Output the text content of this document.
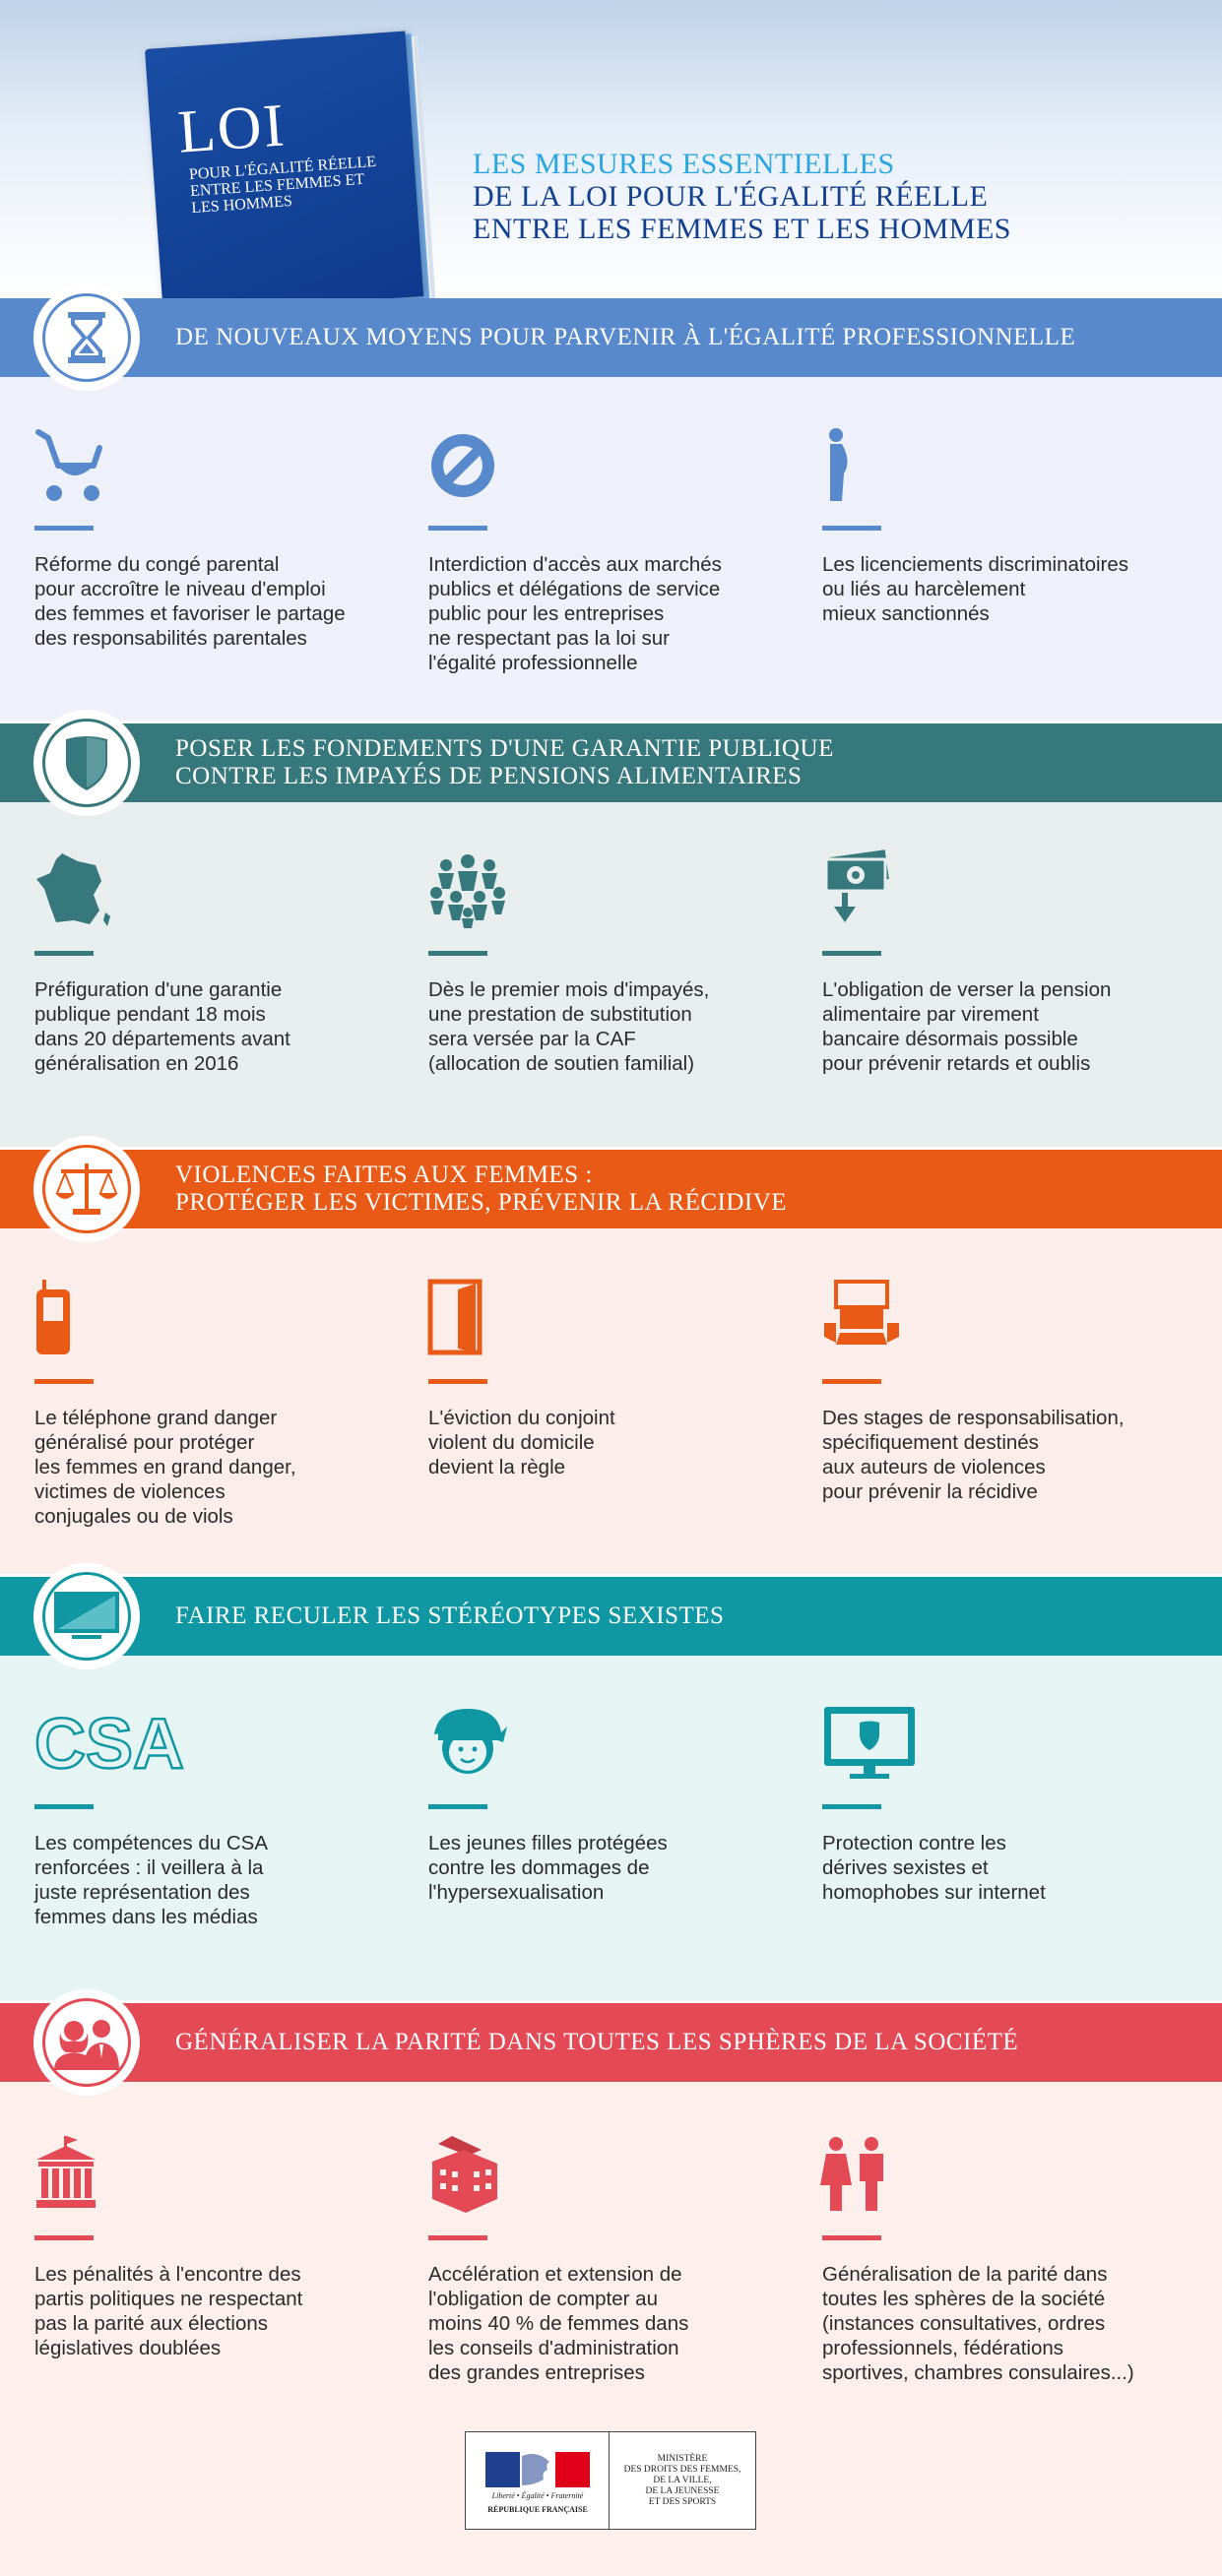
LOI
POUR L'ÉGALITÉ RÉELLE ENTRE LES FEMMES ET LES HOMMES
LES MESURES ESSENTIELLES
DE LA LOI POUR L'ÉGALITÉ RÉELLE
ENTRE LES FEMMES ET LES HOMMES
Réforme du congé parental
pour accroître le niveau d'emploi
des femmes et favoriser le partage
des responsabilités parentales
Interdiction d'accès aux marchés
publics et délégations de service
public pour les entreprises
ne respectant pas la loi sur
l'égalité professionnelle
Les licenciements discriminatoires
ou liés au harcèlement
mieux sanctionnés
DE NOUVEAUX MOYENS POUR PARVENIR À L'ÉGALITÉ PROFESSIONNELLE
Préfiguration d'une garantie
publique pendant 18 mois
dans 20 départements avant
généralisation en 2016
Dès le premier mois d'impayés,
une prestation de substitution
sera versée par la CAF
(allocation de soutien familial)
L'obligation de verser la pension
alimentaire par virement
bancaire désormais possible
pour prévenir retards et oublis
POSER LES FONDEMENTS D'UNE GARANTIE PUBLIQUE
CONTRE LES IMPAYÉS DE PENSIONS ALIMENTAIRES
Le téléphone grand danger
généralisé pour protéger
les femmes en grand danger,
victimes de violences
conjugales ou de viols
L'éviction du conjoint
violent du domicile
devient la règle
Des stages de responsabilisation,
spécifiquement destinés
aux auteurs de violences
pour prévenir la récidive
VIOLENCES FAITES AUX FEMMES :
PROTÉGER LES VICTIMES, PRÉVENIR LA RÉCIDIVE
CSA
Les compétences du CSA
renforcées : il veillera à la
juste représentation des
femmes dans les médias
Les jeunes filles protégées
contre les dommages de
l'hypersexualisation
Protection contre les
dérives sexistes et
homophobes sur internet
FAIRE RECULER LES STÉRÉOTYPES SEXISTES
Les pénalités à l'encontre des
partis politiques ne respectant
pas la parité aux élections
législatives doublées
Accélération et extension de
l'obligation de compter au
moins 40 % de femmes dans
les conseils d'administration
des grandes entreprises
Généralisation de la parité dans
toutes les sphères de la société
(instances consultatives, ordres
professionnels, fédérations
sportives, chambres consulaires...)
GÉNÉRALISER LA PARITÉ DANS TOUTES LES SPHÈRES DE LA SOCIÉTÉ
Liberté • Égalité • Fraternité
RÉPUBLIQUE FRANÇAISE
MINISTÈRE
DES DROITS DES FEMMES,
DE LA VILLE,
DE LA JEUNESSE
ET DES SPORTS
